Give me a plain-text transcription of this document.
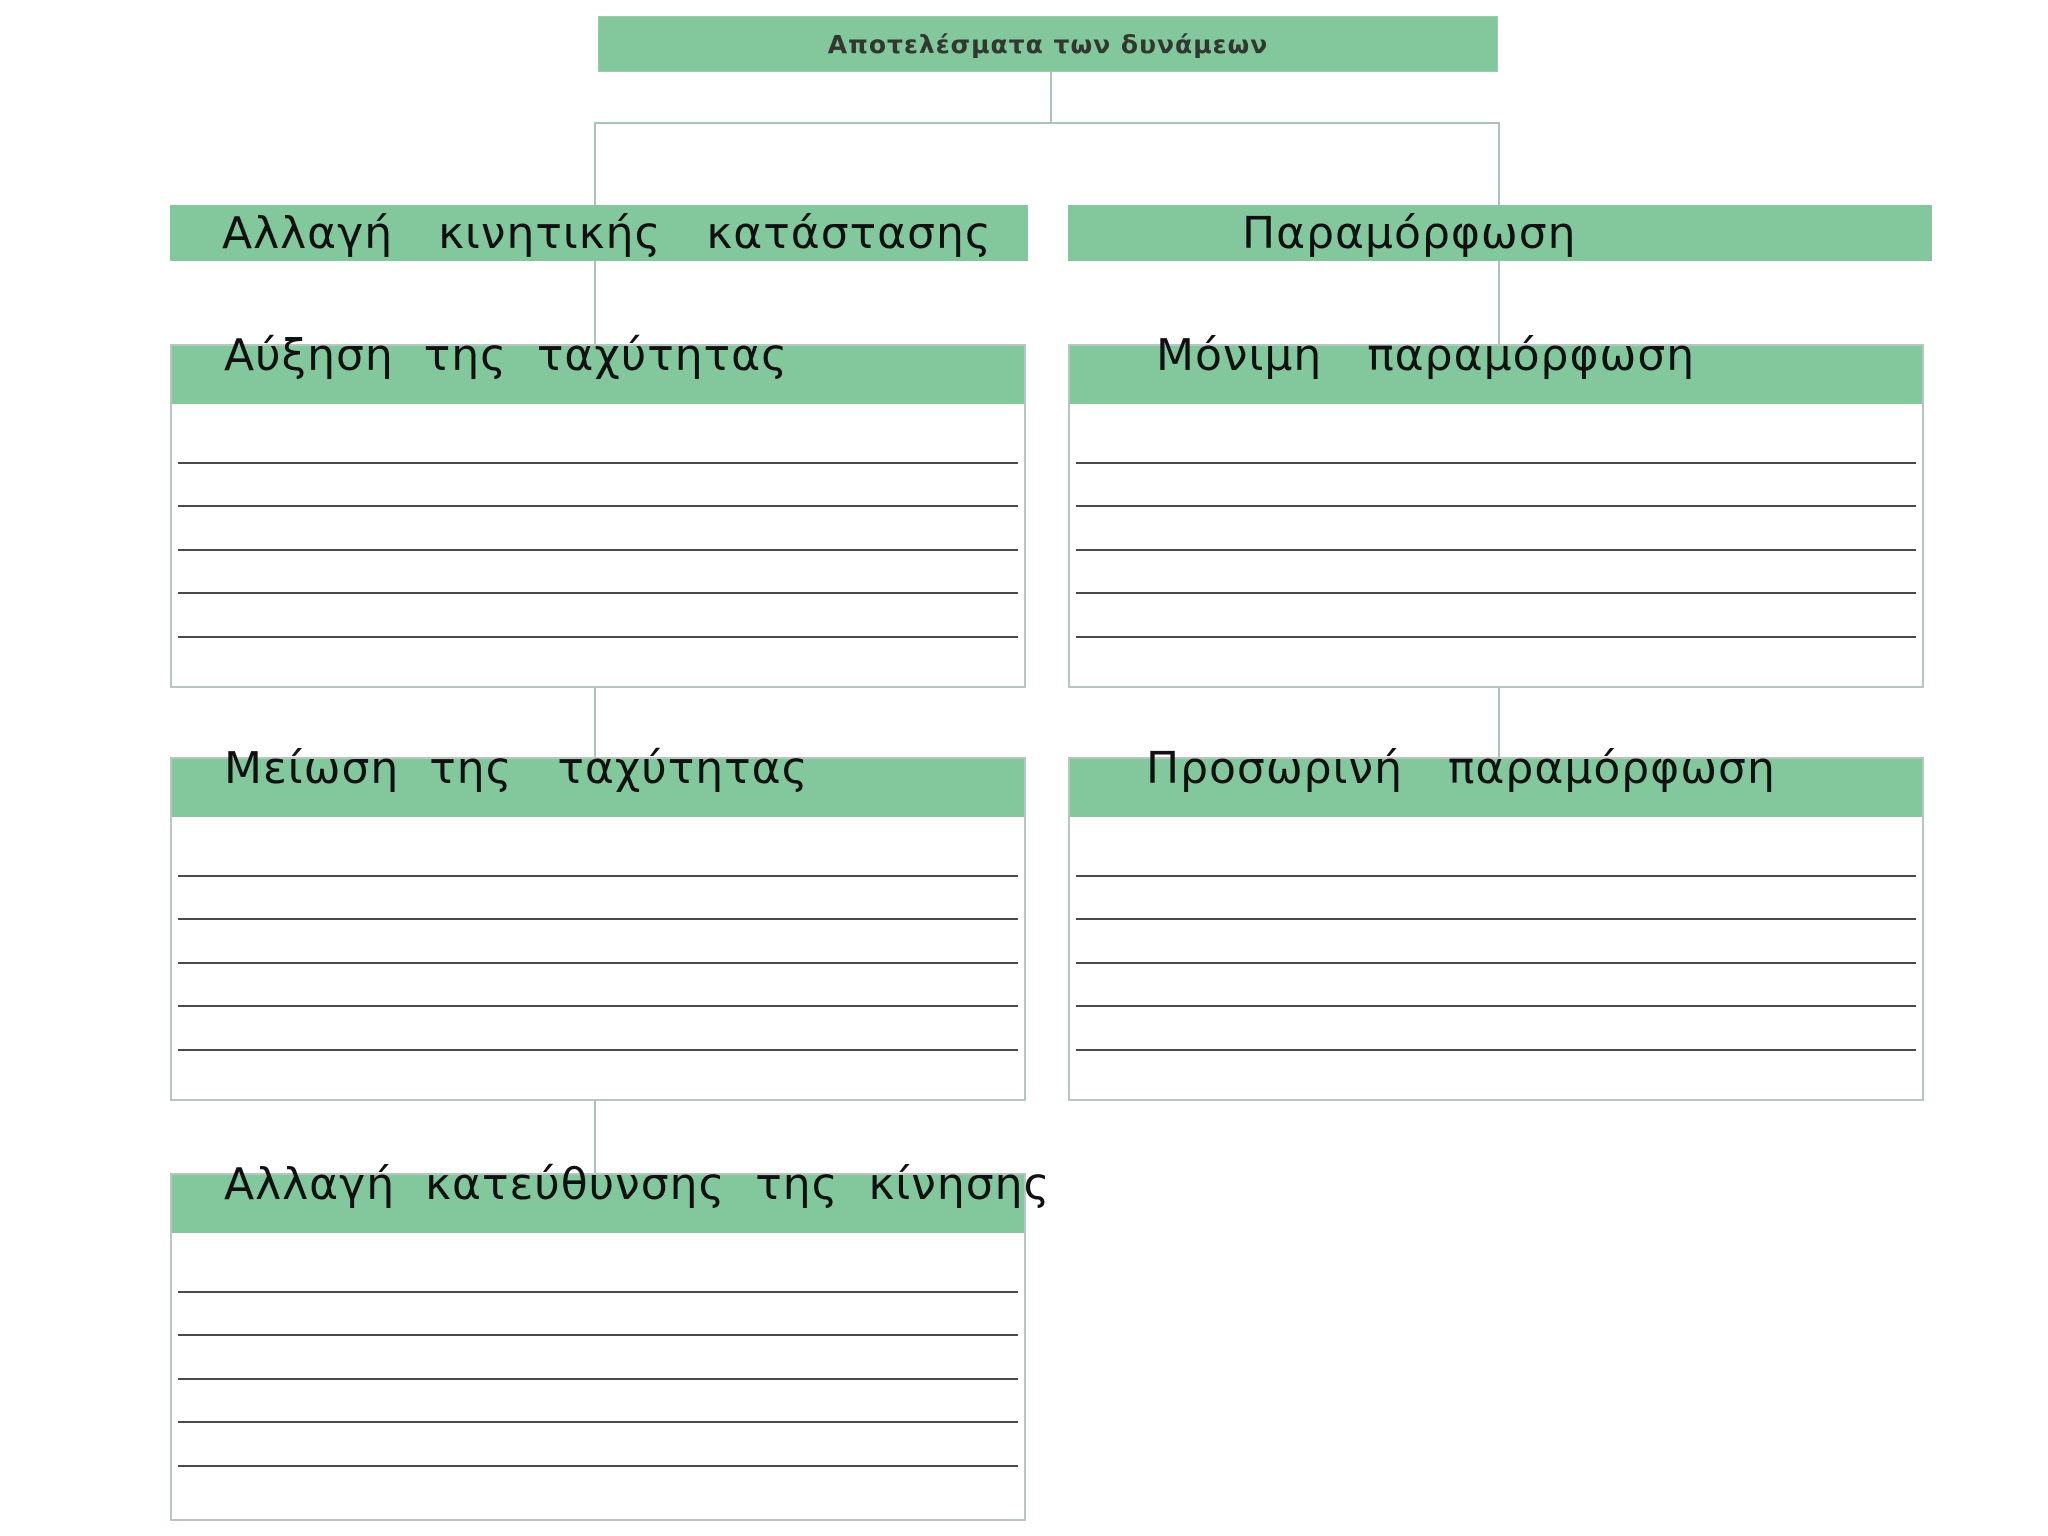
Αποτελέσματα των δυνάμεων
Αλλαγή   κινητικής   κατάστασης	Παραμόρφωση
Αύξηση  της  ταχύτητας
Μείωση  της   ταχύτητας
Αλλαγή  κατεύθυνσης  της  κίνησης
Μόνιμη   παραμόρφωση
Προσωρινή   παραμόρφωση
